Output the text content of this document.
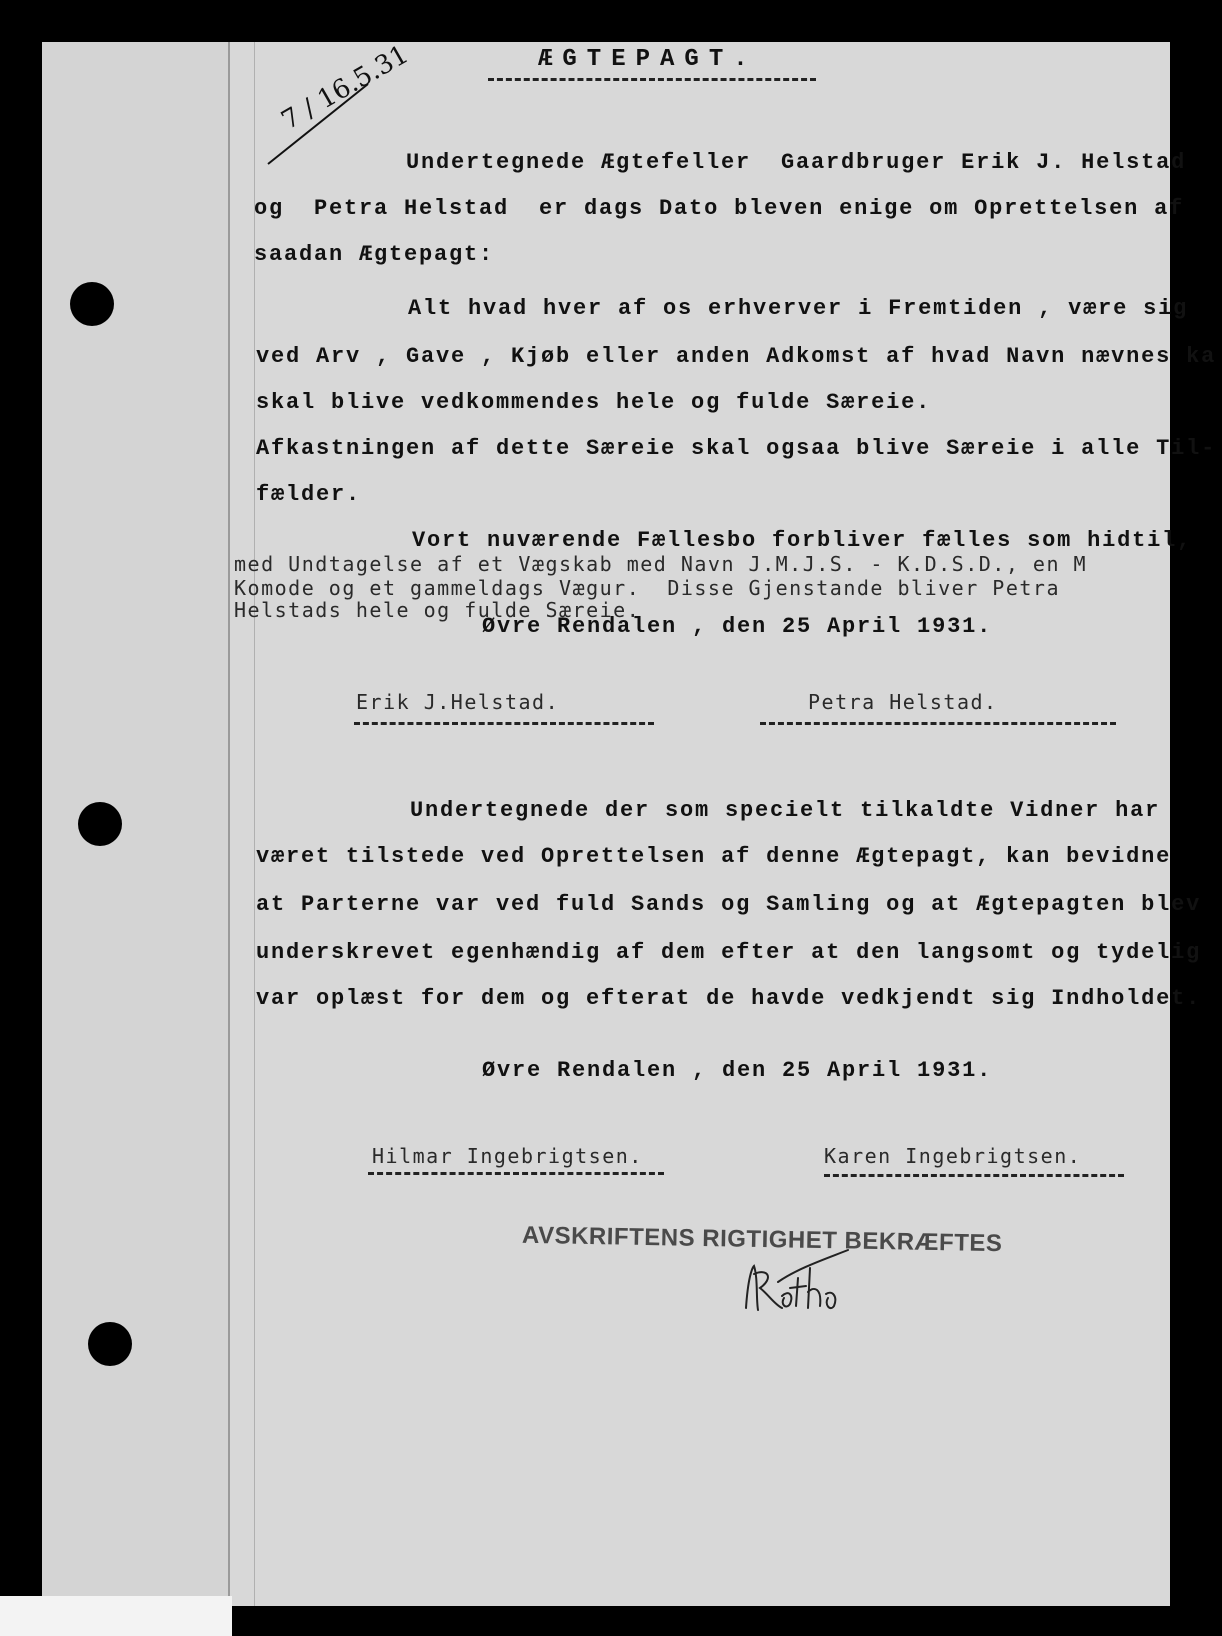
ÆGTEPAGT.

7 / 16.5.31

Undertegnede Ægtefeller  Gaardbruger Erik J. Helstad

og  Petra Helstad  er dags Dato bleven enige om Oprettelsen af

saadan Ægtepagt:

Alt hvad hver af os erhverver i Fremtiden , være sig

ved Arv , Gave , Kjøb eller anden Adkomst af hvad Navn nævnes ka

skal blive vedkommendes hele og fulde Særeie.

Afkastningen af dette Særeie skal ogsaa blive Særeie i alle Til-

fælder.

Vort nuværende Fællesbo forbliver fælles som hidtil,

med Undtagelse af et Vægskab med Navn J.M.J.S. - K.D.S.D., en M

Komode og et gammeldags Vægur.  Disse Gjenstande bliver Petra

Helstads hele og fulde Særeie.

Øvre Rendalen , den 25 April 1931.

Erik J.Helstad.	Petra Helstad.

Undertegnede der som specielt tilkaldte Vidner har

været tilstede ved Oprettelsen af denne Ægtepagt, kan bevidne

at Parterne var ved fuld Sands og Samling og at Ægtepagten blev

underskrevet egenhændig af dem efter at den langsomt og tydelig

var oplæst for dem og efterat de havde vedkjendt sig Indholdet.

Øvre Rendalen , den 25 April 1931.

Hilmar Ingebrigtsen.	Karen Ingebrigtsen.

AVSKRIFTENS RIGTIGHET BEKRÆFTES
